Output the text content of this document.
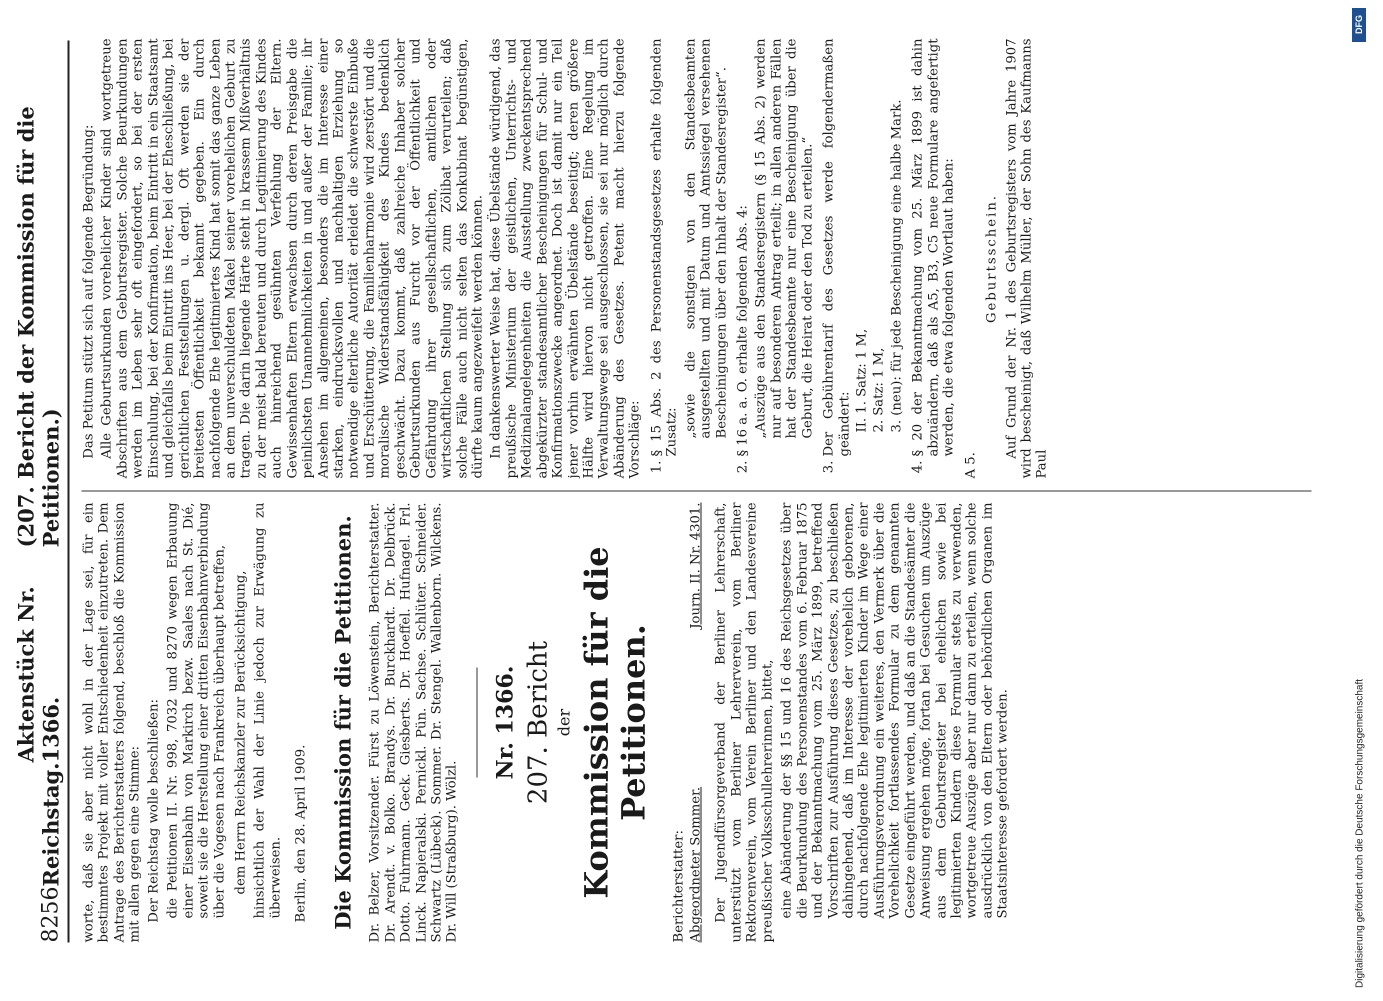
8256
Reichstag.
Aktenstück Nr. 1366.
(207. Bericht der Kommission für die Petitionen.)

worte, daß sie aber nicht wohl in der Lage sei, für ein bestimmtes Projekt mit voller Entschiedenheit einzutreten. Dem Antrage des Berichterstatters folgend, beschloß die Kommission mit allen gegen eine Stimme: Der Reichstag wolle beschließen: die Petitionen II. Nr. 998, 7032 und 8270 wegen Erbauung einer Eisenbahn von Markirch bezw. Saales nach St. Dié, soweit sie die Herstellung einer dritten Eisenbahnverbindung über die Vogesen nach Frankreich überhaupt betreffen, dem Herrn Reichskanzler zur Berücksichtigung, hinsichtlich der Wahl der Linie jedoch zur Erwägung zu überweisen. Berlin, den 28. April 1909. Die Kommission für die Petitionen. Dr. Belzer, Vorsitzender. Fürst zu Löwenstein, Berichterstatter. Dr. Arendt. v. Bolko. Brandys. Dr. Burckhardt. Dr. Delbrück. Dotto. Fuhrmann. Geck. Giesberts. Dr. Hoeffel. Hufnagel. Frl. Linck. Napieralski. Pernickl. Pün. Sachse. Schlüter. Schneider. Schwartz (Lübeck). Sommer. Dr. Stengel. Wallenborn. Wilckens. Dr. Will (Straßburg). Wölzl.

Nr. 1366. 207. Bericht der Kommission für die Petitionen.

Berichterstatter: Abgeordneter Sommer.
Journ. II. Nr. 4301. Der Jugendfürsorgeverband der Berliner Lehrerschaft, unterstützt vom Berliner Lehrerverein, vom Berliner Rektorenverein, vom Verein Berliner und den Landesvereine preußischer Volksschullehrerinnen, bittet, eine Abänderung der §§ 15 und 16 des Reichsgesetzes über die Beurkundung des Personenstandes vom 6. Februar 1875 und der Bekanntmachung vom 25. März 1899, betreffend Vorschriften zur Ausführung dieses Gesetzes, zu beschließen dahingehend, daß im Interesse der vorehelich geborenen, durch nachfolgende Ehe legitimierten Kinder im Wege einer Ausführungsverordnung ein weiteres, den Vermerk über die Vorehelichkeit fortlassendes Formular zu dem genannten Gesetze eingeführt werden, und daß an die Standesämter die Anweisung ergehen möge, fortan bei Gesuchen um Auszüge aus dem Geburtsregister bei ehelichen sowie bei legitimierten Kindern diese Formular stets zu verwenden, wortgetreue Auszüge aber nur dann zu erteilen, wenn solche ausdrücklich von den Eltern oder behördlichen Organen im Staatsinteresse gefordert werden.

Das Petitum stützt sich auf folgende Begründung: Alle Geburtsurkunden vorehelicher Kinder sind wortgetreue Abschriften aus dem Geburtsregister. Solche Beurkundungen werden im Leben sehr oft eingefordert, so bei der ersten Einschulung, bei der Konfirmation, beim Eintritt in ein Staatsamt und gleichfalls beim Eintritt ins Heer, bei der Eheschließung, bei gerichtlichen Feststellungen u. dergl. Oft werden sie der breitesten Öffentlichkeit bekannt gegeben. Ein durch nachfolgende Ehe legitimiertes Kind hat somit das ganze Leben an dem unverschuldeten Makel seiner vorehelichen Geburt zu tragen. Die darin liegende Härte steht in krassem Mißverhältnis zu der meist bald bereuten und durch Legitimierung des Kindes auch hinreichend gesühnten Verfehlung der Eltern. Gewissenhaften Eltern erwachsen durch deren Preisgabe die peinlichsten Unannehmlichkeiten in und außer der Familie; ihr Ansehen im allgemeinen, besonders die im Interesse einer starken, eindrucksvollen und nachhaltigen Erziehung so notwendige elterliche Autorität erleidet die schwerste Einbuße und Erschütterung, die Familienharmonie wird zerstört und die moralische Widerstandsfähigkeit des Kindes bedenklich geschwächt. Dazu kommt, daß zahlreiche Inhaber solcher Geburtsurkunden aus Furcht vor der Öffentlichkeit und Gefährdung ihrer gesellschaftlichen, amtlichen oder wirtschaftlichen Stellung sich zum Zölibat verurteilen; daß solche Fälle auch nicht selten das Konkubinat begünstigen, dürfte kaum angezweifelt werden können. In dankenswerter Weise hat, diese Übelstände würdigend, das preußische Ministerium der geistlichen, Unterrichts- und Medizinalangelegenheiten die Ausstellung zweckentsprechend abgekürzter standesamtlicher Bescheinigungen für Schul- und Konfirmationszwecke angeordnet. Doch ist damit nur ein Teil jener vorhin erwähnten Übelstände beseitigt; deren größere Hälfte wird hiervon nicht getroffen. Eine Regelung im Verwaltungswege sei ausgeschlossen, sie sei nur möglich durch Abänderung des Gesetzes. Petent macht hierzu folgende Vorschläge: 1. § 15 Abs. 2 des Personenstandsgesetzes erhalte folgenden Zusatz: „sowie die sonstigen von den Standesbeamten ausgestellten und mit Datum und Amtssiegel versehenen Bescheinigungen über den Inhalt der Standesregister“. 2. § 16 a. a. O. erhalte folgenden Abs. 4: „Auszüge aus den Standesregistern (§ 15 Abs. 2) werden nur auf besonderen Antrag erteilt; in allen anderen Fällen hat der Standesbeamte nur eine Bescheinigung über die Geburt, die Heirat oder den Tod zu erteilen.“ 3. Der Gebührentarif des Gesetzes werde folgendermaßen geändert: II. 1. Satz: 1 M, 2. Satz: 1 M, 3. (neu): für jede Bescheinigung eine halbe Mark. 4. § 20 der Bekanntmachung vom 25. März 1899 ist dahin abzuändern, daß als A5, B3, C5 neue Formulare angefertigt werden, die etwa folgenden Wortlaut haben:

A 5.

Geburtsschein. Auf Grund der Nr. 1 des Geburtsregisters vom Jahre 1907 wird bescheinigt, daß Wilhelm Müller, der Sohn des Kaufmanns Paul

DFG
Digitalisierung gefördert durch die Deutsche Forschungsgemeinschaft
